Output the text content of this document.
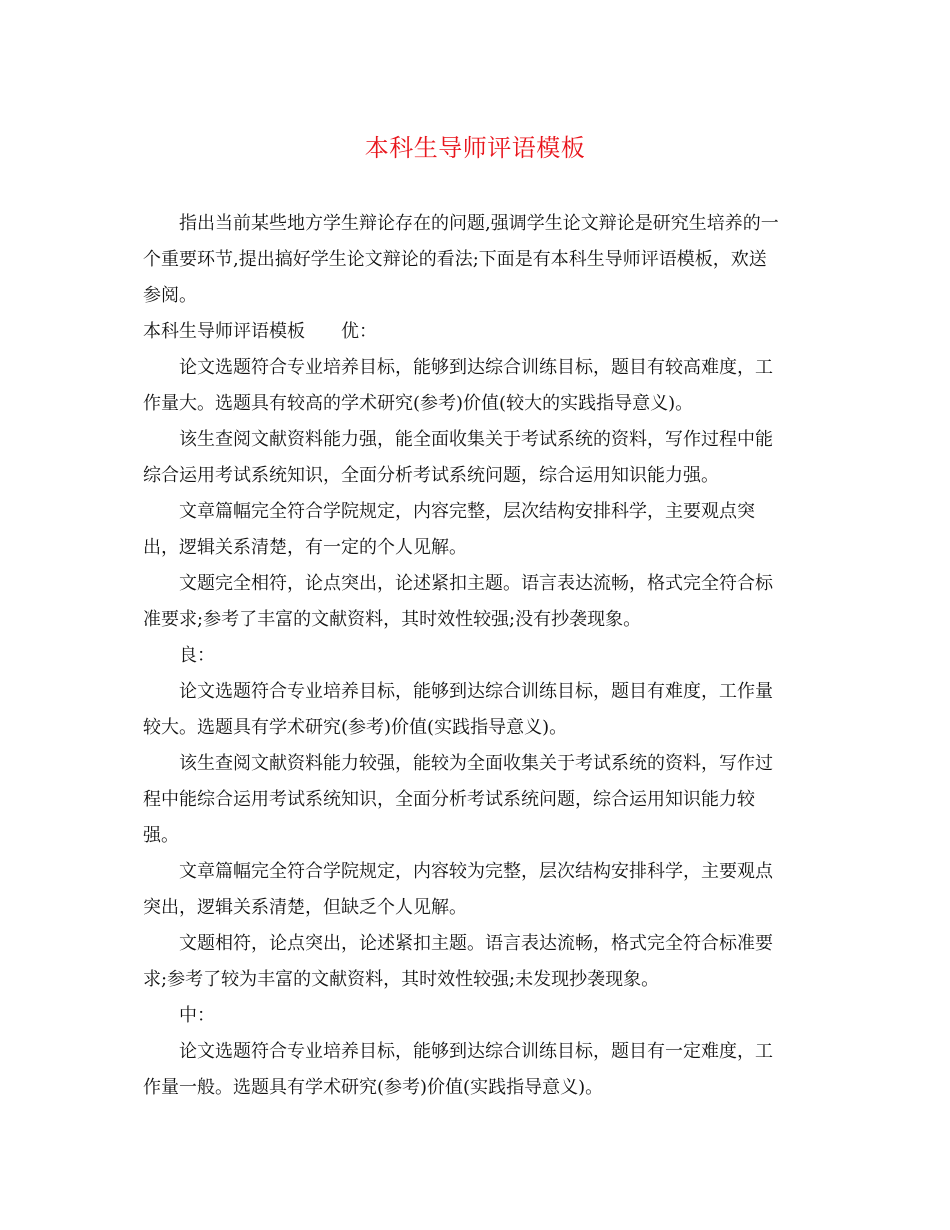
本科生导师评语模板
指出当前某些地方学生辩论存在的问题,强调学生论文辩论是研究生培养的一
个重要环节,提出搞好学生论文辩论的看法;下面是有本科生导师评语模板，欢送
参阅。
本科生导师评语模板　　优：
论文选题符合专业培养目标，能够到达综合训练目标，题目有较高难度，工
作量大。选题具有较高的学术研究(参考)价值(较大的实践指导意义)。
该生查阅文献资料能力强，能全面收集关于考试系统的资料，写作过程中能
综合运用考试系统知识，全面分析考试系统问题，综合运用知识能力强。
文章篇幅完全符合学院规定，内容完整，层次结构安排科学，主要观点突
出，逻辑关系清楚，有一定的个人见解。
文题完全相符，论点突出，论述紧扣主题。语言表达流畅，格式完全符合标
准要求;参考了丰富的文献资料，其时效性较强;没有抄袭现象。
良：
论文选题符合专业培养目标，能够到达综合训练目标，题目有难度，工作量
较大。选题具有学术研究(参考)价值(实践指导意义)。
该生查阅文献资料能力较强，能较为全面收集关于考试系统的资料，写作过
程中能综合运用考试系统知识，全面分析考试系统问题，综合运用知识能力较
强。
文章篇幅完全符合学院规定，内容较为完整，层次结构安排科学，主要观点
突出，逻辑关系清楚，但缺乏个人见解。
文题相符，论点突出，论述紧扣主题。语言表达流畅，格式完全符合标准要
求;参考了较为丰富的文献资料，其时效性较强;未发现抄袭现象。
中：
论文选题符合专业培养目标，能够到达综合训练目标，题目有一定难度，工
作量一般。选题具有学术研究(参考)价值(实践指导意义)。
